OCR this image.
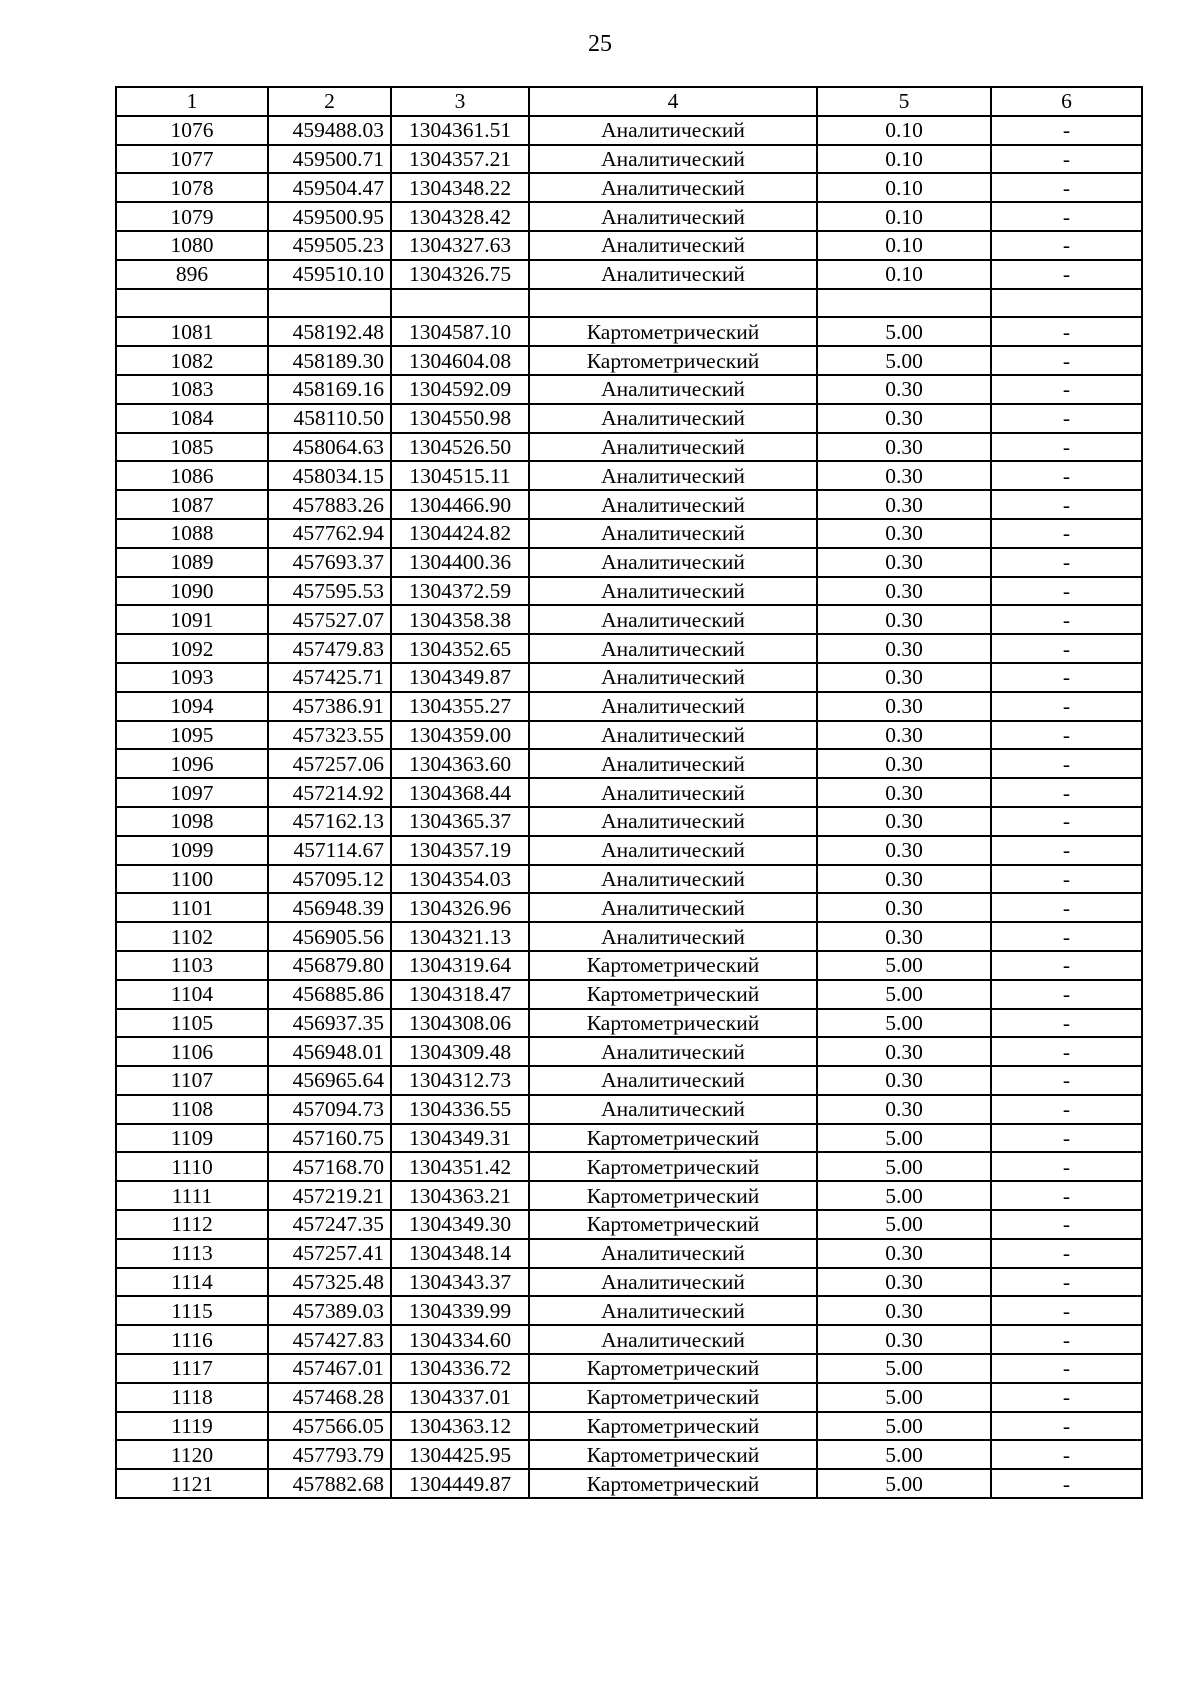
25
1	2	3	4	5	6
1076	459488.03	1304361.51	Аналитический	0.10	-
1077	459500.71	1304357.21	Аналитический	0.10	-
1078	459504.47	1304348.22	Аналитический	0.10	-
1079	459500.95	1304328.42	Аналитический	0.10	-
1080	459505.23	1304327.63	Аналитический	0.10	-
896	459510.10	1304326.75	Аналитический	0.10	-

1081	458192.48	1304587.10	Картометрический	5.00	-
1082	458189.30	1304604.08	Картометрический	5.00	-
1083	458169.16	1304592.09	Аналитический	0.30	-
1084	458110.50	1304550.98	Аналитический	0.30	-
1085	458064.63	1304526.50	Аналитический	0.30	-
1086	458034.15	1304515.11	Аналитический	0.30	-
1087	457883.26	1304466.90	Аналитический	0.30	-
1088	457762.94	1304424.82	Аналитический	0.30	-
1089	457693.37	1304400.36	Аналитический	0.30	-
1090	457595.53	1304372.59	Аналитический	0.30	-
1091	457527.07	1304358.38	Аналитический	0.30	-
1092	457479.83	1304352.65	Аналитический	0.30	-
1093	457425.71	1304349.87	Аналитический	0.30	-
1094	457386.91	1304355.27	Аналитический	0.30	-
1095	457323.55	1304359.00	Аналитический	0.30	-
1096	457257.06	1304363.60	Аналитический	0.30	-
1097	457214.92	1304368.44	Аналитический	0.30	-
1098	457162.13	1304365.37	Аналитический	0.30	-
1099	457114.67	1304357.19	Аналитический	0.30	-
1100	457095.12	1304354.03	Аналитический	0.30	-
1101	456948.39	1304326.96	Аналитический	0.30	-
1102	456905.56	1304321.13	Аналитический	0.30	-
1103	456879.80	1304319.64	Картометрический	5.00	-
1104	456885.86	1304318.47	Картометрический	5.00	-
1105	456937.35	1304308.06	Картометрический	5.00	-
1106	456948.01	1304309.48	Аналитический	0.30	-
1107	456965.64	1304312.73	Аналитический	0.30	-
1108	457094.73	1304336.55	Аналитический	0.30	-
1109	457160.75	1304349.31	Картометрический	5.00	-
1110	457168.70	1304351.42	Картометрический	5.00	-
1111	457219.21	1304363.21	Картометрический	5.00	-
1112	457247.35	1304349.30	Картометрический	5.00	-
1113	457257.41	1304348.14	Аналитический	0.30	-
1114	457325.48	1304343.37	Аналитический	0.30	-
1115	457389.03	1304339.99	Аналитический	0.30	-
1116	457427.83	1304334.60	Аналитический	0.30	-
1117	457467.01	1304336.72	Картометрический	5.00	-
1118	457468.28	1304337.01	Картометрический	5.00	-
1119	457566.05	1304363.12	Картометрический	5.00	-
1120	457793.79	1304425.95	Картометрический	5.00	-
1121	457882.68	1304449.87	Картометрический	5.00	-
